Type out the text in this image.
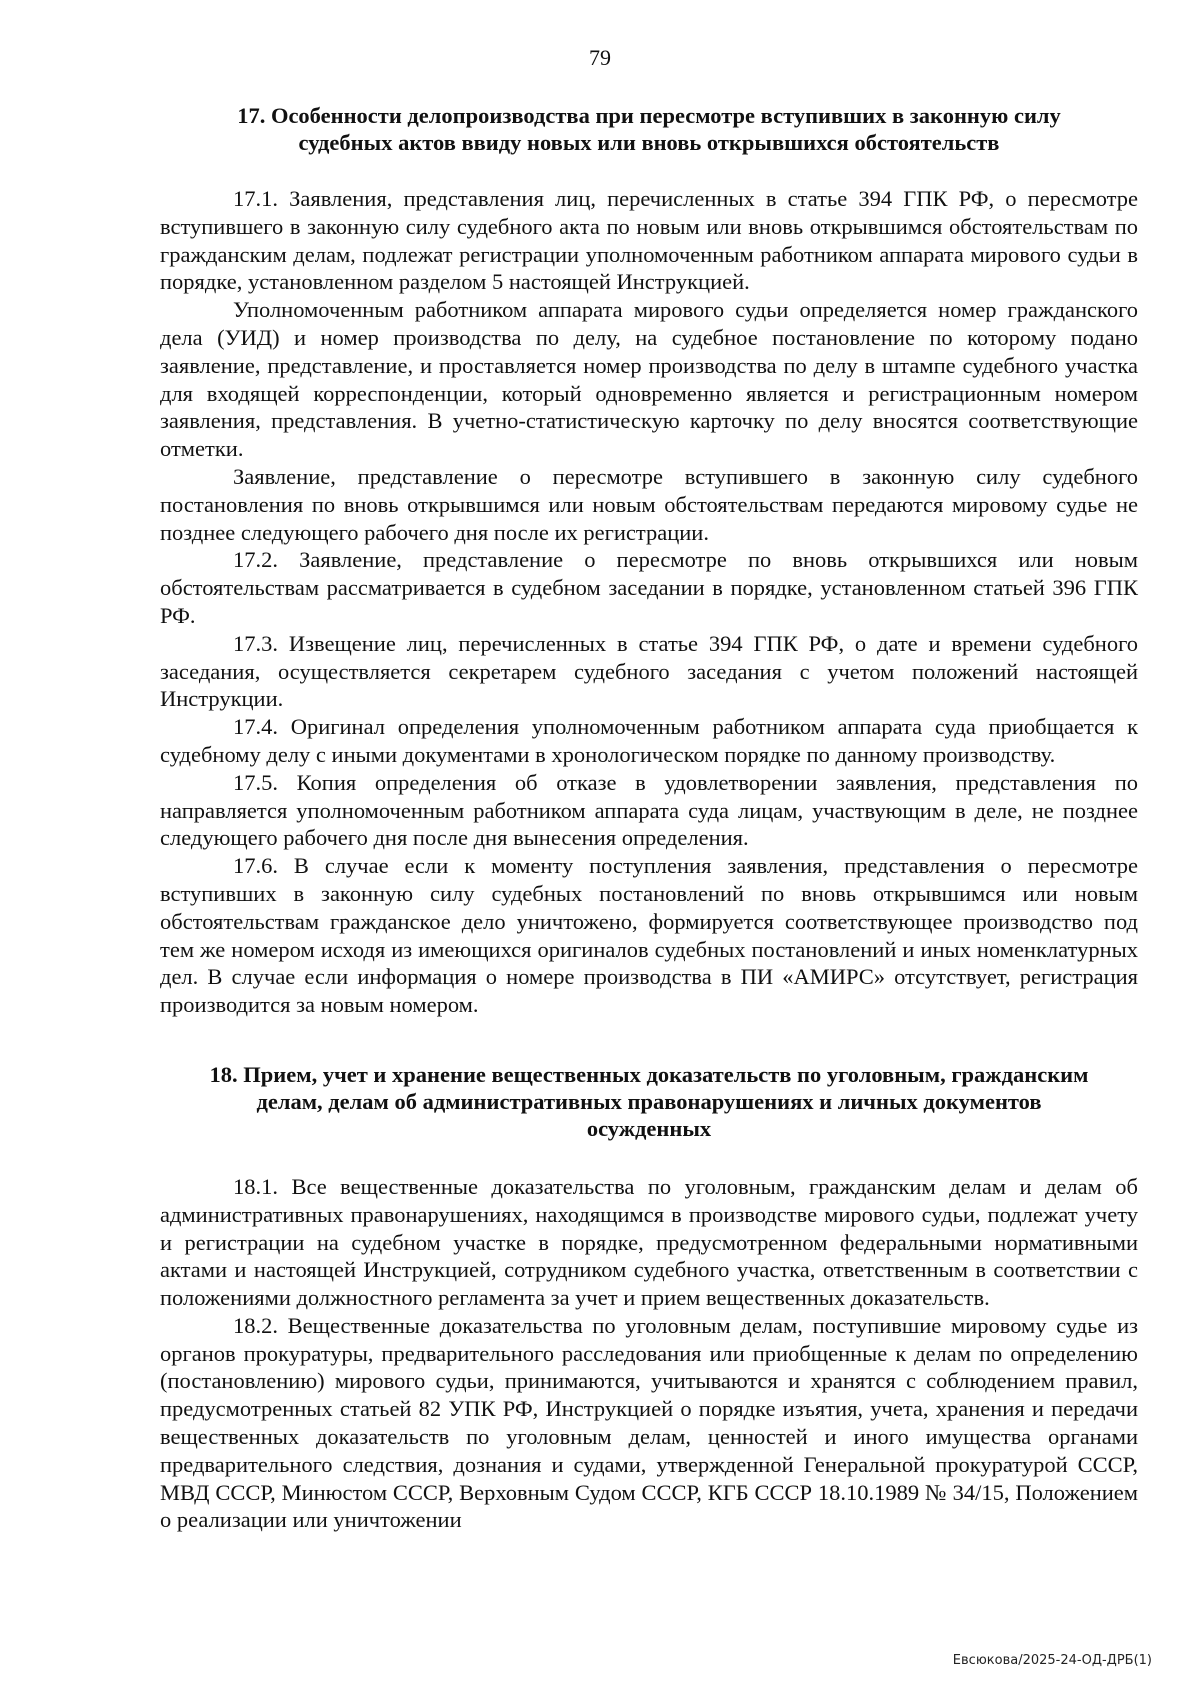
79
17. Особенности делопроизводства при пересмотре вступивших в законную силу
судебных актов ввиду новых или вновь открывшихся обстоятельств

17.1. Заявления, представления лиц, перечисленных в статье 394 ГПК РФ, о пересмотре вступившего в законную силу судебного акта по новым или вновь открывшимся обстоятельствам по гражданским делам, подлежат регистрации уполномоченным работником аппарата мирового судьи в порядке, установленном разделом 5 настоящей Инструкцией.

Уполномоченным работником аппарата мирового судьи определяется номер гражданского дела (УИД) и номер производства по делу, на судебное постановление по которому подано заявление, представление, и проставляется номер производства по делу в штампе судебного участка для входящей корреспонденции, который одновременно является и регистрационным номером заявления, представления. В учетно-статистическую карточку по делу вносятся соответствующие отметки.

Заявление, представление о пересмотре вступившего в законную силу судебного постановления по вновь открывшимся или новым обстоятельствам передаются мировому судье не позднее следующего рабочего дня после их регистрации.

17.2. Заявление, представление о пересмотре по вновь открывшихся или новым обстоятельствам рассматривается в судебном заседании в порядке, установленном статьей 396 ГПК РФ.

17.3. Извещение лиц, перечисленных в статье 394 ГПК РФ, о дате и времени судебного заседания, осуществляется секретарем судебного заседания с учетом положений настоящей Инструкции.

17.4. Оригинал определения уполномоченным работником аппарата суда приобщается к судебному делу с иными документами в хронологическом порядке по данному производству.

17.5. Копия определения об отказе в удовлетворении заявления, представления по направляется уполномоченным работником аппарата суда лицам, участвующим в деле, не позднее следующего рабочего дня после дня вынесения определения.

17.6. В случае если к моменту поступления заявления, представления о пересмотре вступивших в законную силу судебных постановлений по вновь открывшимся или новым обстоятельствам гражданское дело уничтожено, формируется соответствующее производство под тем же номером исходя из имеющихся оригиналов судебных постановлений и иных номенклатурных дел. В случае если информация о номере производства в ПИ «АМИРС» отсутствует, регистрация производится за новым номером.

18. Прием, учет и хранение вещественных доказательств по уголовным, гражданским
делам, делам об административных правонарушениях и личных документов
осужденных

18.1. Все вещественные доказательства по уголовным, гражданским делам и делам об административных правонарушениях, находящимся в производстве мирового судьи, подлежат учету и регистрации на судебном участке в порядке, предусмотренном федеральными нормативными актами и настоящей Инструкцией, сотрудником судебного участка, ответственным в соответствии с положениями должностного регламента за учет и прием вещественных доказательств.

18.2. Вещественные доказательства по уголовным делам, поступившие мировому судье из органов прокуратуры, предварительного расследования или приобщенные к делам по определению (постановлению) мирового судьи, принимаются, учитываются и хранятся с соблюдением правил, предусмотренных статьей 82 УПК РФ, Инструкцией о порядке изъятия, учета, хранения и передачи вещественных доказательств по уголовным делам, ценностей и иного имущества органами предварительного следствия, дознания и судами, утвержденной Генеральной прокуратурой СССР, МВД СССР, Минюстом СССР, Верховным Судом СССР, КГБ СССР 18.10.1989 № 34/15, Положением о реализации или уничтожении

Евсюкова/2025-24-ОД-ДРБ(1)
